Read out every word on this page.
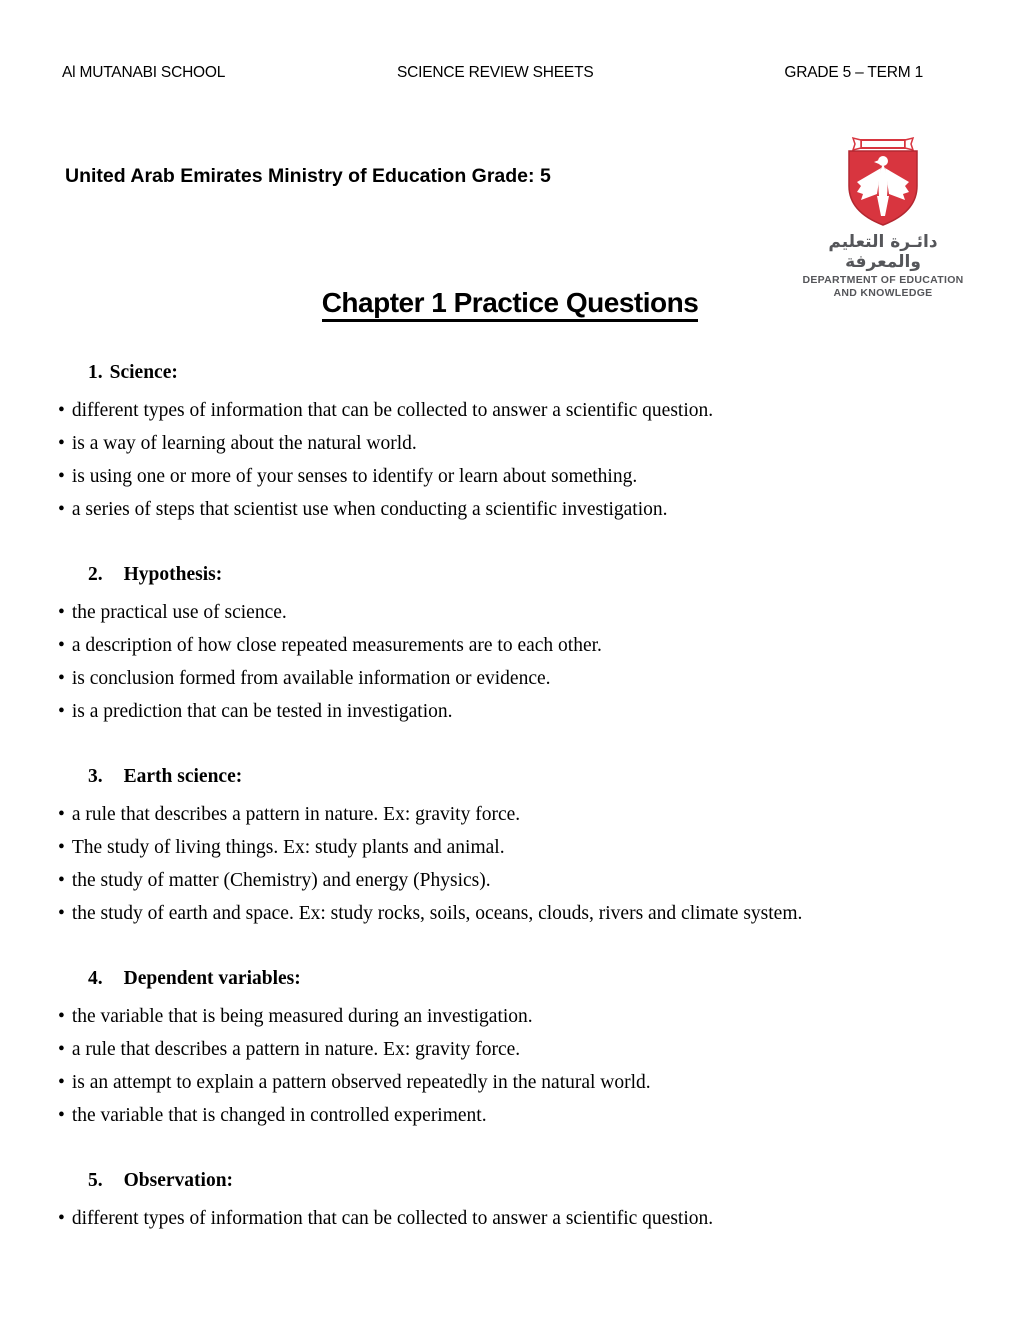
Al MUTANABI SCHOOL	SCIENCE REVIEW SHEETS	GRADE 5 – TERM 1
United Arab Emirates Ministry of Education Grade: 5
دائـرة التعليم والمعرفة
DEPARTMENT OF EDUCATION
AND KNOWLEDGE
Chapter 1 Practice Questions
1. Science:
• different types of information that can be collected to answer a scientific question.
• is a way of learning about the natural world.
• is using one or more of your senses to identify or learn about something.
• a series of steps that scientist use when conducting a scientific investigation.
2. Hypothesis:
• the practical use of science.
• a description of how close repeated measurements are to each other.
• is conclusion formed from available information or evidence.
• is a prediction that can be tested in investigation.
3. Earth science:
• a rule that describes a pattern in nature. Ex: gravity force.
• The study of living things. Ex: study plants and animal.
• the study of matter (Chemistry) and energy (Physics).
• the study of earth and space. Ex: study rocks, soils, oceans, clouds, rivers and climate system.
4. Dependent variables:
• the variable that is being measured during an investigation.
• a rule that describes a pattern in nature. Ex: gravity force.
• is an attempt to explain a pattern observed repeatedly in the natural world.
• the variable that is changed in controlled experiment.
5. Observation:
• different types of information that can be collected to answer a scientific question.
